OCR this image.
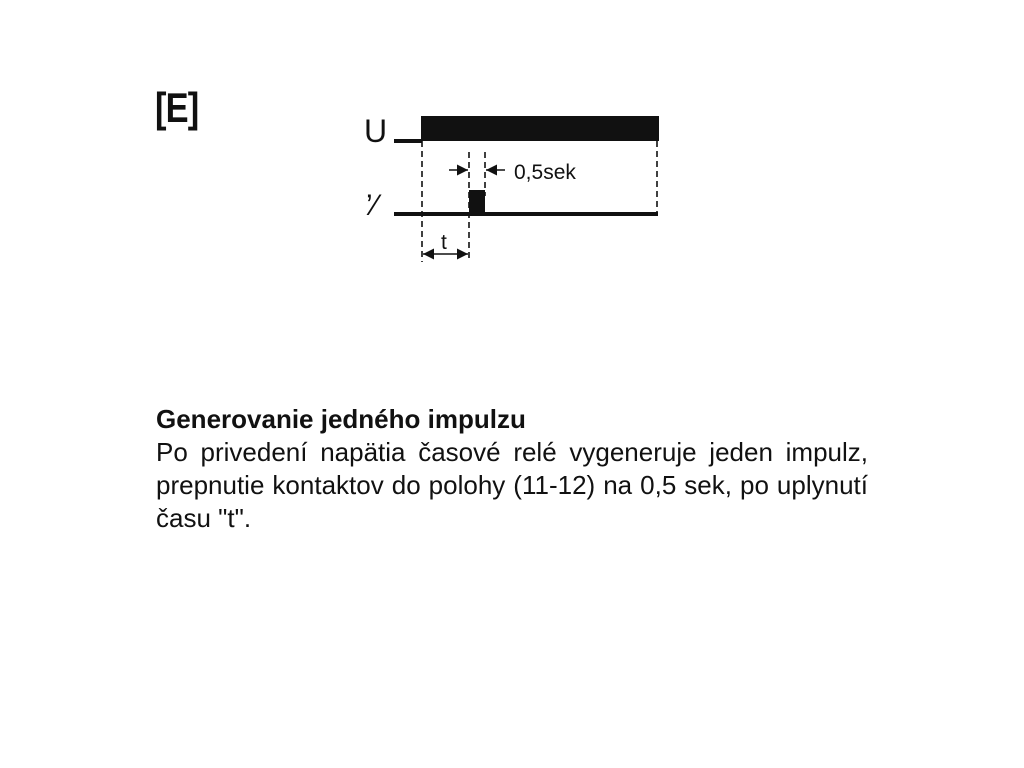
[E]	U
0,5sek
’⁄
t

Generovanie jedného impulzu

Po privedení napätia časové relé vygeneruje jeden impulz, prepnutie kontaktov do polohy (11-12) na 0,5 sek, po uplynutí času "t".
